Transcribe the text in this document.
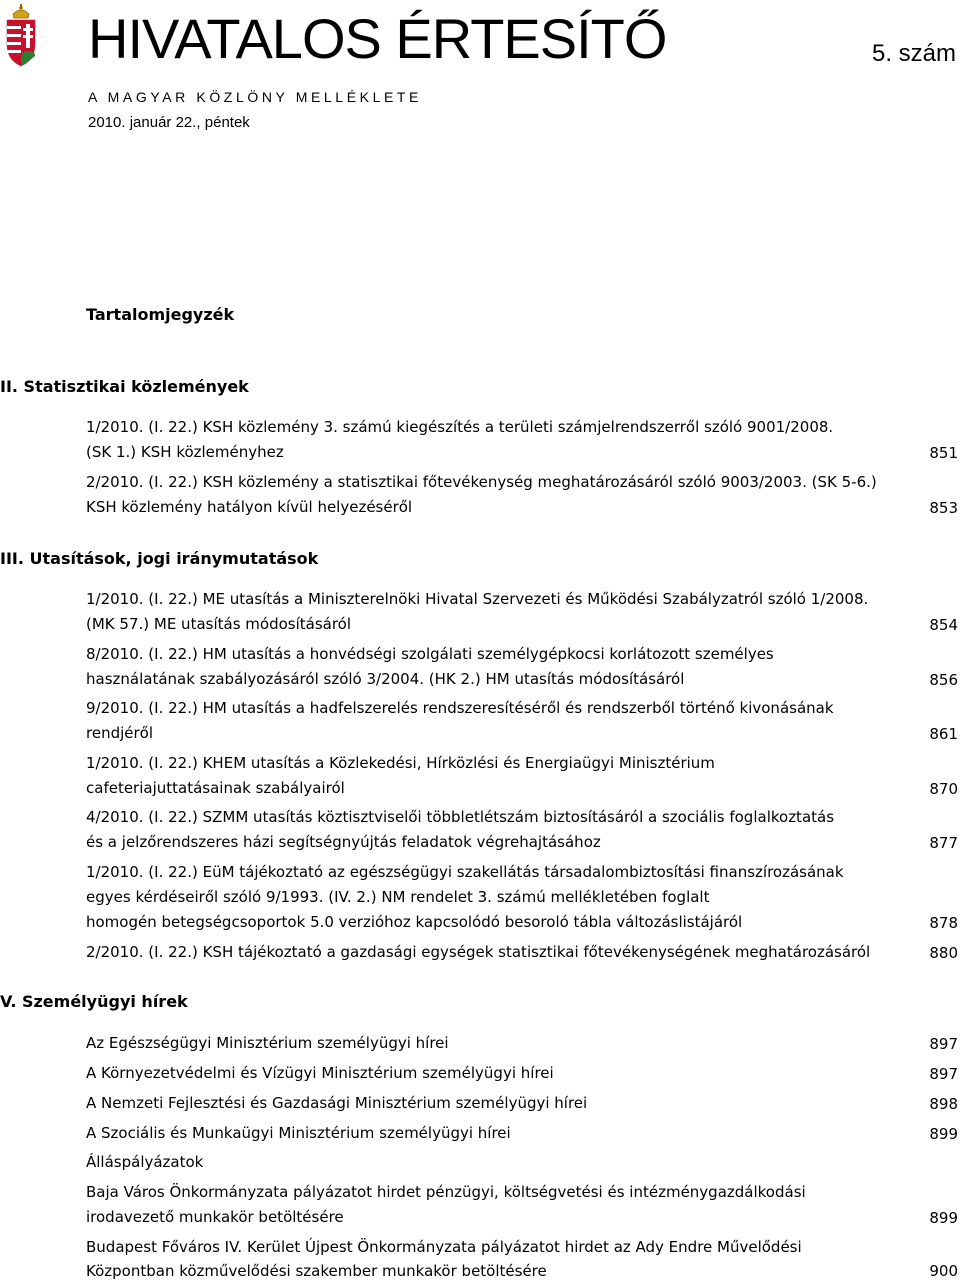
HIVATALOS ÉRTESÍTŐ	5. szám
A MAGYAR KÖZLÖNY MELLÉKLETE
2010. január 22., péntek
Tartalomjegyzék
II. Statisztikai közlemények
1/2010. (I. 22.) KSH közlemény 3. számú kiegészítés a területi számjelrendszerről szóló 9001/2008.
(SK 1.) KSH közleményhez	851
2/2010. (I. 22.) KSH közlemény a statisztikai főtevékenység meghatározásáról szóló 9003/2003. (SK 5-6.)
KSH közlemény hatályon kívül helyezéséről	853
III. Utasítások, jogi iránymutatások
1/2010. (I. 22.) ME utasítás a Miniszterelnöki Hivatal Szervezeti és Működési Szabályzatról szóló 1/2008.
(MK 57.) ME utasítás módosításáról	854
8/2010. (I. 22.) HM utasítás a honvédségi szolgálati személygépkocsi korlátozott személyes
használatának szabályozásáról szóló 3/2004. (HK 2.) HM utasítás módosításáról	856
9/2010. (I. 22.) HM utasítás a hadfelszerelés rendszeresítéséről és rendszerből történő kivonásának
rendjéről	861
1/2010. (I. 22.) KHEM utasítás a Közlekedési, Hírközlési és Energiaügyi Minisztérium
cafeteriajuttatásainak szabályairól	870
4/2010. (I. 22.) SZMM utasítás köztisztviselői többletlétszám biztosításáról a szociális foglalkoztatás
és a jelzőrendszeres házi segítségnyújtás feladatok végrehajtásához	877
1/2010. (I. 22.) EüM tájékoztató az egészségügyi szakellátás társadalombiztosítási finanszírozásának
egyes kérdéseiről szóló 9/1993. (IV. 2.) NM rendelet 3. számú mellékletében foglalt
homogén betegségcsoportok 5.0 verzióhoz kapcsolódó besoroló tábla változáslistájáról	878
2/2010. (I. 22.) KSH tájékoztató a gazdasági egységek statisztikai főtevékenységének meghatározásáról	880
V. Személyügyi hírek
Az Egészségügyi Minisztérium személyügyi hírei	897
A Környezetvédelmi és Vízügyi Minisztérium személyügyi hírei	897
A Nemzeti Fejlesztési és Gazdasági Minisztérium személyügyi hírei	898
A Szociális és Munkaügyi Minisztérium személyügyi hírei	899
Álláspályázatok
Baja Város Önkormányzata pályázatot hirdet pénzügyi, költségvetési és intézménygazdálkodási
irodavezető munkakör betöltésére	899
Budapest Főváros IV. Kerület Újpest Önkormányzata pályázatot hirdet az Ady Endre Művelődési
Központban közművelődési szakember munkakör betöltésére	900
